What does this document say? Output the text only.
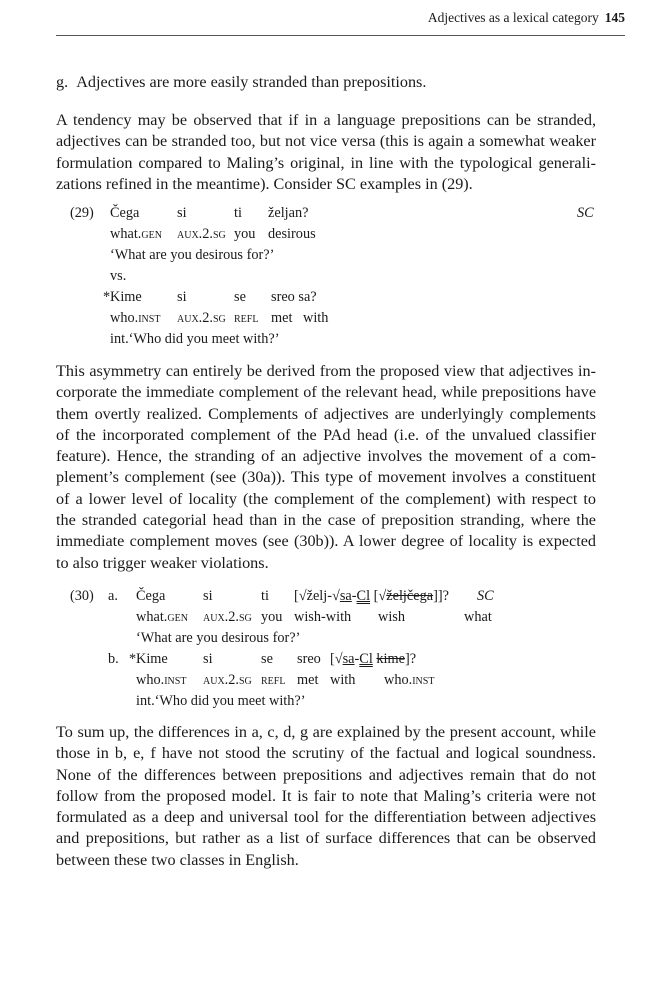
Adjectives as a lexical category 145
g. Adjectives are more easily stranded than prepositions.
A tendency may be observed that if in a language prepositions can be stranded,
adjectives can be stranded too, but not vice versa (this is again a somewhat weaker
formulation compared to Maling’s original, in line with the typological generali-
zations refined in the meantime). Consider SC examples in (29).
(29) Čega	si	ti željan?	SC
what.gen aux.2.sg you desirous
‘What are you desirous for?’
vs.
* Kime si	se sreo sa?
who.inst aux.2.sg refl met with
int.‘Who did you meet with?’
This asymmetry can entirely be derived from the proposed view that adjectives in-
corporate the immediate complement of the relevant head, while prepositions have
them overtly realized. Complements of adjectives are underlyingly complements
of the incorporated complement of the PAd head (i.e. of the unvalued classifier
feature). Hence, the stranding of an adjective involves the movement of a com-
plement’s complement (see (30a)). This type of movement involves a constituent
of a lower level of locality (the complement of the complement) with respect to
the stranded categorial head than in the case of preposition stranding, where the
immediate complement moves (see (30b)). A lower degree of locality is expected
to also trigger weaker violations.
(30) a. Čega	si	ti [√želj-√sa-Cl [√željčega]]? SC
what.gen aux.2.sg you wish-with wish	what
‘What are you desirous for?’
b. * Kime si	se sreo [√sa-Cl kime]?
who.inst aux.2.sg refl met with who.inst
int.‘Who did you meet with?’
To sum up, the differences in a, c, d, g are explained by the present account, while
those in b, e, f have not stood the scrutiny of the factual and logical soundness.
None of the differences between prepositions and adjectives remain that do not
follow from the proposed model. It is fair to note that Maling’s criteria were not
formulated as a deep and universal tool for the differentiation between adjectives
and prepositions, but rather as a list of surface differences that can be observed
between these two classes in English.
